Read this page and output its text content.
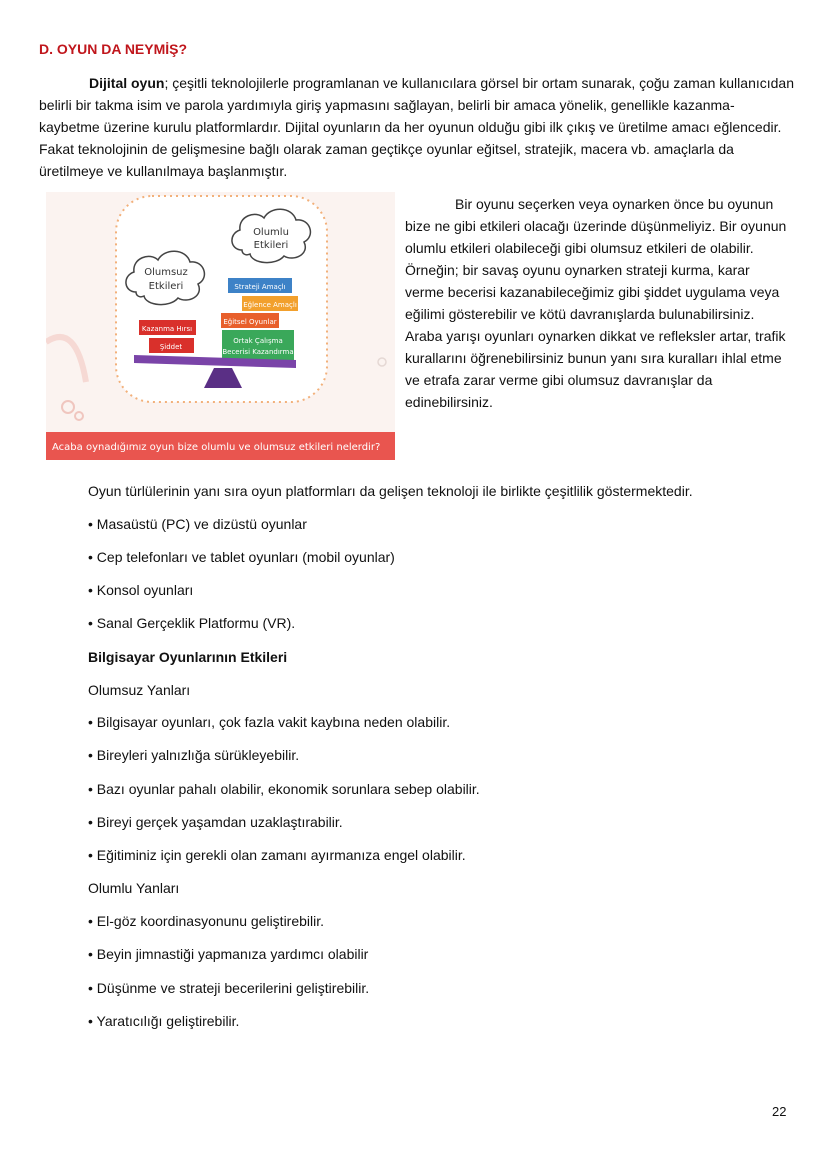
D. OYUN DA NEYMİŞ?

Dijital oyun; çeşitli teknolojilerle programlanan ve kullanıcılara görsel bir ortam sunarak, çoğu zaman kullanıcıdan belirli bir takma isim ve parola yardımıyla giriş yapmasını sağlayan, belirli bir amaca yönelik, genellikle kazanma-kaybetme üzerine kurulu platformlardır. Dijital oyunların da her oyunun olduğu gibi ilk çıkış ve üretilme amacı eğlencedir. Fakat teknolojinin de gelişmesine bağlı olarak zaman geçtikçe oyunlar eğitsel, stratejik, macera vb. amaçlarla da üretilmeye ve kullanılmaya başlanmıştır.

Olumlu
Etkileri
Olumsuz
Etkileri	Strateji Amaçlı
Eğlence Amaçlı
Eğitsel Oyunlar
Ortak Çalışma
Becerisi Kazandırma
Kazanma Hırsı
Şiddet
Acaba oynadığımız oyun bize olumlu ve olumsuz etkileri nelerdir?

Bir oyunu seçerken veya oynarken önce bu oyunun bize ne gibi etkileri olacağı üzerinde düşünmeliyiz. Bir oyunun olumlu etkileri olabileceği gibi olumsuz etkileri de olabilir. Örneğin; bir savaş oyunu oynarken strateji kurma, karar verme becerisi kazanabileceğimiz gibi şiddet uygulama veya eğilimi gösterebilir ve kötü davranışlarda bulunabilirsiniz. Araba yarışı oyunları oynarken dikkat ve refleksler artar, trafik kurallarını öğrenebilirsiniz bunun yanı sıra kuralları ihlal etme ve etrafa zarar verme gibi olumsuz davranışlar da edinebilirsiniz.

Oyun türlülerinin yanı sıra oyun platformları da gelişen teknoloji ile birlikte çeşitlilik göstermektedir.
• Masaüstü (PC) ve dizüstü oyunlar
• Cep telefonları ve tablet oyunları (mobil oyunlar)
• Konsol oyunları
• Sanal Gerçeklik Platformu (VR).
Bilgisayar Oyunlarının Etkileri
Olumsuz Yanları
• Bilgisayar oyunları, çok fazla vakit kaybına neden olabilir.
• Bireyleri yalnızlığa sürükleyebilir.
• Bazı oyunlar pahalı olabilir, ekonomik sorunlara sebep olabilir.
• Bireyi gerçek yaşamdan uzaklaştırabilir.
• Eğitiminiz için gerekli olan zamanı ayırmanıza engel olabilir.
Olumlu Yanları
• El-göz koordinasyonunu geliştirebilir.
• Beyin jimnastiği yapmanıza yardımcı olabilir
• Düşünme ve strateji becerilerini geliştirebilir.
• Yaratıcılığı geliştirebilir.
22
